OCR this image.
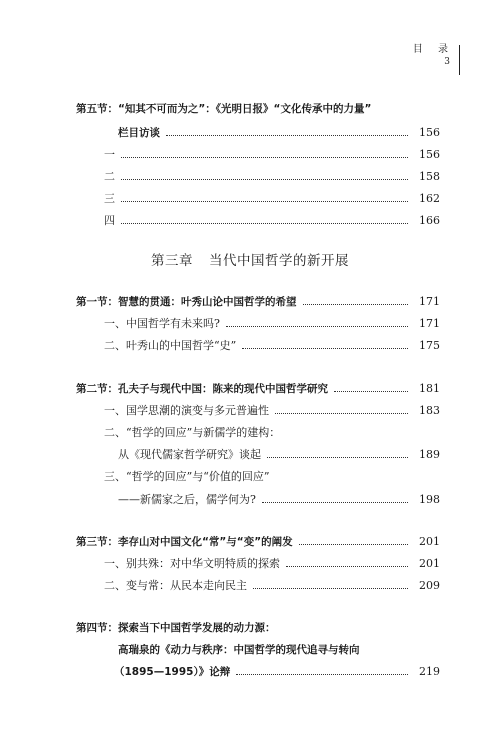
目 录
3
第五节：“知其不可而为之”：《光明日报》“文化传承中的力量”
栏目访谈	156
一	156
二	158
三	162
四	166
第三章 当代中国哲学的新开展
第一节：智慧的贯通：叶秀山论中国哲学的希望	171
一、中国哲学有未来吗?	171
二、叶秀山的中国哲学“史”	175
第二节：孔夫子与现代中国：陈来的现代中国哲学研究	181
一、国学思潮的演变与多元普遍性	183
二、“哲学的回应”与新儒学的建构：
从《现代儒家哲学研究》谈起	189
三、“哲学的回应”与“价值的回应”
——新儒家之后，儒学何为?	198
第三节：李存山对中国文化“常”与“变”的阐发	201
一、别共殊：对中华文明特质的探索	201
二、变与常：从民本走向民主	209
第四节：探索当下中国哲学发展的动力源：
高瑞泉的《动力与秩序：中国哲学的现代追寻与转向
（1895—1995）》论辩	219
